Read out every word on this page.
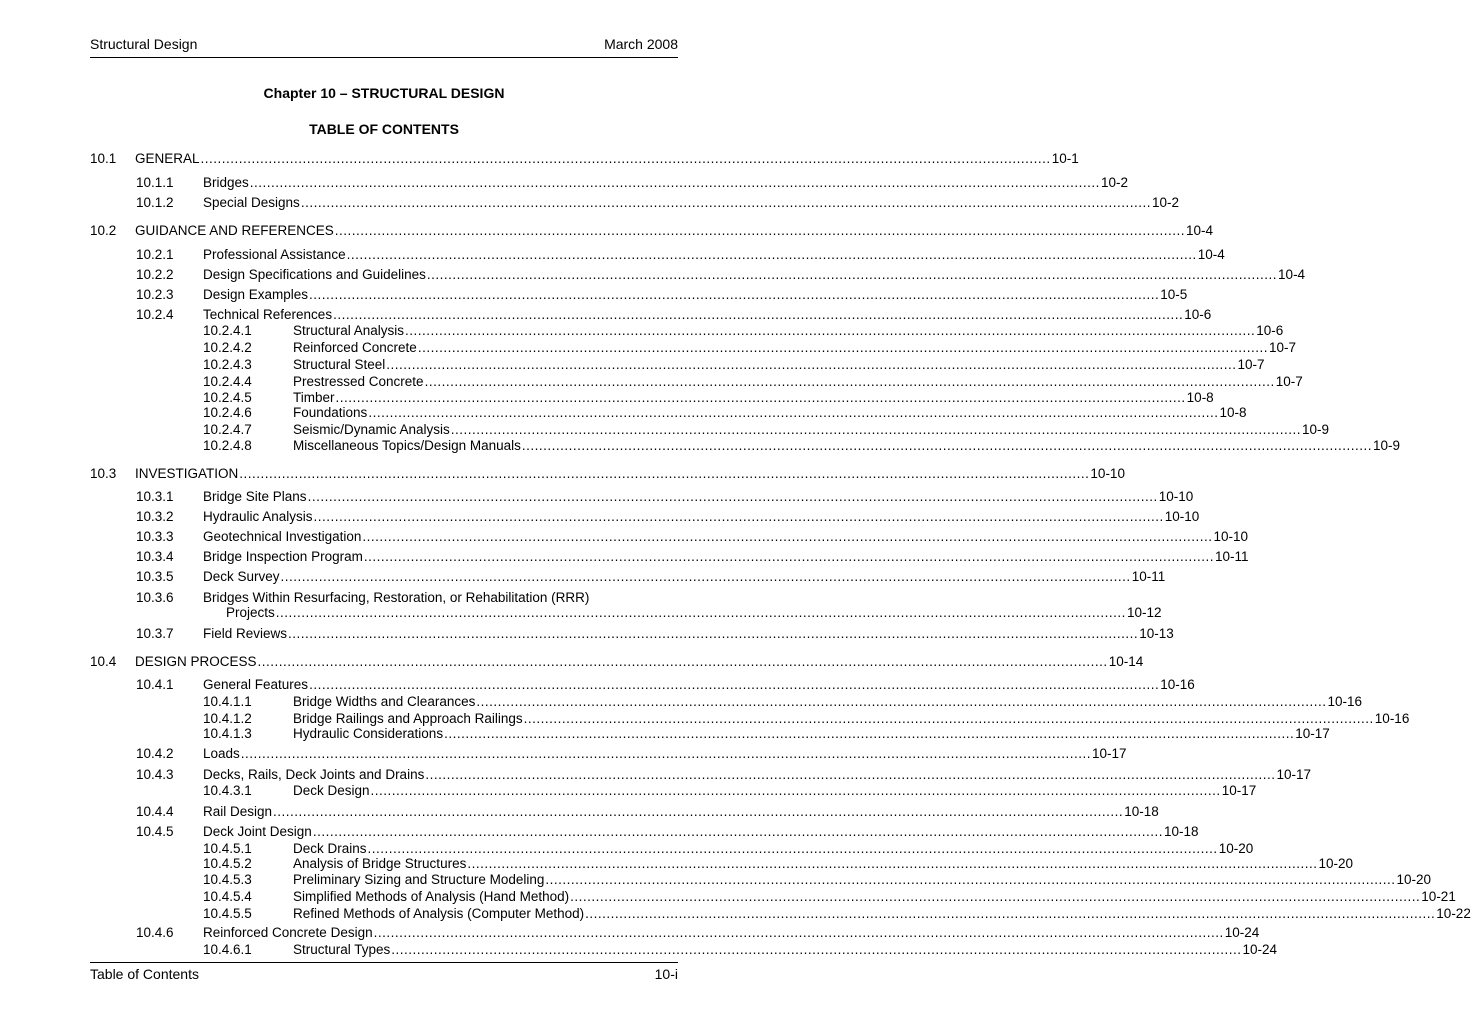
Structural Design	March 2008
Chapter 10 – STRUCTURAL DESIGN
TABLE OF CONTENTS
10.1 GENERAL ........................................................................................................................................................................................................ 10-1
10.1.1 Bridges ........................................................................................................................................................................................................ 10-2
10.1.2 Special Designs ........................................................................................................................................................................................................ 10-2
10.2 GUIDANCE AND REFERENCES ........................................................................................................................................................................................................ 10-4
10.2.1 Professional Assistance ........................................................................................................................................................................................................ 10-4
10.2.2 Design Specifications and Guidelines ........................................................................................................................................................................................................ 10-4
10.2.3 Design Examples ........................................................................................................................................................................................................ 10-5
10.2.4 Technical References ........................................................................................................................................................................................................ 10-6
10.2.4.1	Structural Analysis ........................................................................................................................................................................................................ 10-6
10.2.4.2	Reinforced Concrete ........................................................................................................................................................................................................ 10-7
10.2.4.3	Structural Steel ........................................................................................................................................................................................................ 10-7
10.2.4.4	Prestressed Concrete ........................................................................................................................................................................................................ 10-7
10.2.4.5	Timber ........................................................................................................................................................................................................ 10-8
10.2.4.6	Foundations ........................................................................................................................................................................................................ 10-8
10.2.4.7	Seismic/Dynamic Analysis ........................................................................................................................................................................................................ 10-9
10.2.4.8	Miscellaneous Topics/Design Manuals ........................................................................................................................................................................................................ 10-9
10.3 INVESTIGATION ........................................................................................................................................................................................................ 10-10
10.3.1 Bridge Site Plans ........................................................................................................................................................................................................ 10-10
10.3.2 Hydraulic Analysis ........................................................................................................................................................................................................ 10-10
10.3.3 Geotechnical Investigation ........................................................................................................................................................................................................ 10-10
10.3.4 Bridge Inspection Program ........................................................................................................................................................................................................ 10-11
10.3.5 Deck Survey ........................................................................................................................................................................................................ 10-11
10.3.6 Bridges Within Resurfacing, Restoration, or Rehabilitation (RRR)
Projects ........................................................................................................................................................................................................ 10-12
10.3.7 Field Reviews ........................................................................................................................................................................................................ 10-13
10.4 DESIGN PROCESS ........................................................................................................................................................................................................ 10-14
10.4.1 General Features ........................................................................................................................................................................................................ 10-16
10.4.1.1	Bridge Widths and Clearances ........................................................................................................................................................................................................ 10-16
10.4.1.2	Bridge Railings and Approach Railings ........................................................................................................................................................................................................ 10-16
10.4.1.3	Hydraulic Considerations ........................................................................................................................................................................................................ 10-17
10.4.2 Loads ........................................................................................................................................................................................................ 10-17
10.4.3 Decks, Rails, Deck Joints and Drains ........................................................................................................................................................................................................ 10-17
10.4.3.1	Deck Design ........................................................................................................................................................................................................ 10-17
10.4.4 Rail Design ........................................................................................................................................................................................................ 10-18
10.4.5 Deck Joint Design ........................................................................................................................................................................................................ 10-18
10.4.5.1	Deck Drains ........................................................................................................................................................................................................ 10-20
10.4.5.2	Analysis of Bridge Structures ........................................................................................................................................................................................................ 10-20
10.4.5.3	Preliminary Sizing and Structure Modeling ........................................................................................................................................................................................................ 10-20
10.4.5.4	Simplified Methods of Analysis (Hand Method) ........................................................................................................................................................................................................ 10-21
10.4.5.5	Refined Methods of Analysis (Computer Method) ........................................................................................................................................................................................................ 10-22
10.4.6 Reinforced Concrete Design ........................................................................................................................................................................................................ 10-24
10.4.6.1	Structural Types ........................................................................................................................................................................................................ 10-24
Table of Contents	10-i
